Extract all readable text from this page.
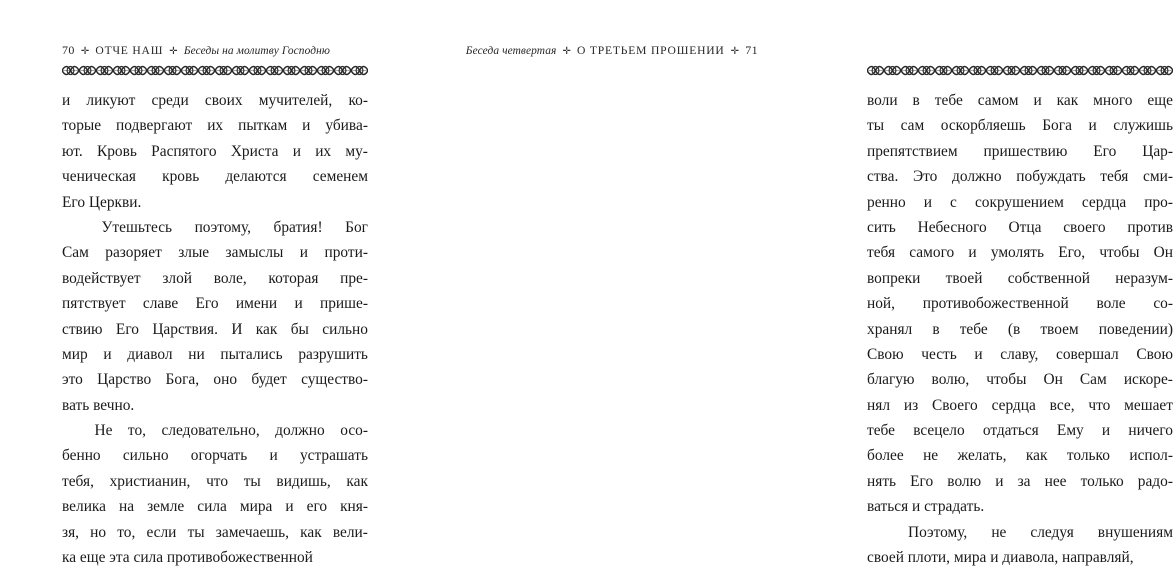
70 ✛ ОТЧЕ НАШ ✛ Беседы на молитву Господню
и ликуют среди своих мучителей, ко-
торые подвергают их пыткам и убива-
ют. Кровь Распятого Христа и их му-
ченическая кровь делаются семенем
Его Церкви.
Утешьтесь поэтому, братия! Бог
Сам разоряет злые замыслы и проти-
водействует злой воле, которая пре-
пятствует славе Его имени и прише-
ствию Его Царствия. И как бы сильно
мир и диавол ни пытались разрушить
это Царство Бога, оно будет существо-
вать вечно.
Не то, следовательно, должно осо-
бенно сильно огорчать и устрашать
тебя, христианин, что ты видишь, как
велика на земле сила мира и его кня-
зя, но то, если ты замечаешь, как вели-
ка еще эта сила противобожественной
Беседа четвертая ✛ О ТРЕТЬЕМ ПРОШЕНИИ ✛ 71
воли в тебе самом и как много еще
ты сам оскорбляешь Бога и служишь
препятствием пришествию Его Цар-
ства. Это должно побуждать тебя сми-
ренно и с сокрушением сердца про-
сить Небесного Отца своего против
тебя самого и умолять Его, чтобы Он
вопреки твоей собственной неразум-
ной, противобожественной воле со-
хранял в тебе (в твоем поведении)
Свою честь и славу, совершал Свою
благую волю, чтобы Он Сам искоре-
нял из Своего сердца все, что мешает
тебе всецело отдаться Ему и ничего
более не желать, как только испол-
нять Его волю и за нее только радо-
ваться и страдать.
Поэтому, не следуя внушениям
своей плоти, мира и диавола, направляй,
